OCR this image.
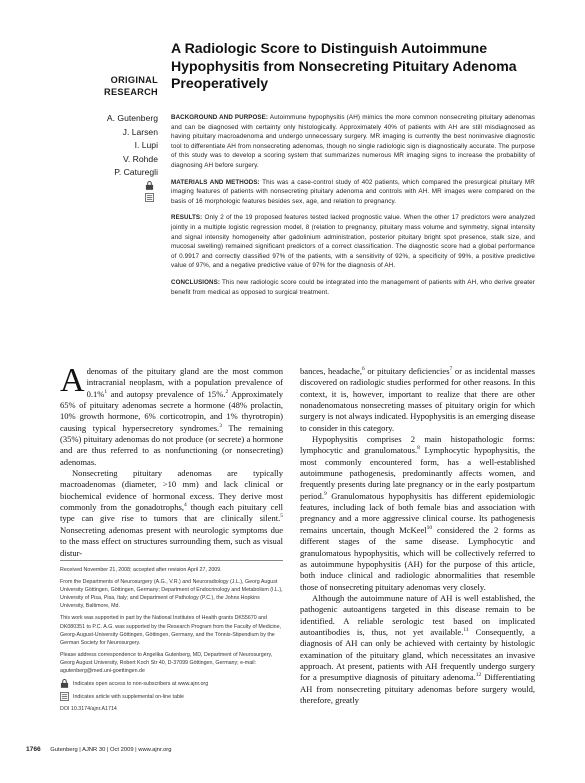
ORIGINAL
RESEARCH
A. Gutenberg
J. Larsen
I. Lupi
V. Rohde
P. Caturegli
A Radiologic Score to Distinguish Autoimmune Hypophysitis from Nonsecreting Pituitary Adenoma Preoperatively

BACKGROUND AND PURPOSE: Autoimmune hypophysitis (AH) mimics the more common nonsecreting pituitary adenomas and can be diagnosed with certainty only histologically. Approximately 40% of patients with AH are still misdiagnosed as having pituitary macroadenoma and undergo unnecessary surgery. MR imaging is currently the best noninvasive diagnostic tool to differentiate AH from nonsecreting adenomas, though no single radiologic sign is diagnostically accurate. The purpose of this study was to develop a scoring system that summarizes numerous MR imaging signs to increase the probability of diagnosing AH before surgery.

MATERIALS AND METHODS: This was a case-control study of 402 patients, which compared the presurgical pituitary MR imaging features of patients with nonsecreting pituitary adenoma and controls with AH. MR images were compared on the basis of 16 morphologic features besides sex, age, and relation to pregnancy.

RESULTS: Only 2 of the 19 proposed features tested lacked prognostic value. When the other 17 predictors were analyzed jointly in a multiple logistic regression model, 8 (relation to pregnancy, pituitary mass volume and symmetry, signal intensity and signal intensity homogeneity after gadolinium administration, posterior pituitary bright spot presence, stalk size, and mucosal swelling) remained significant predictors of a correct classification. The diagnostic score had a global performance of 0.9917 and correctly classified 97% of the patients, with a sensitivity of 92%, a specificity of 99%, a positive predictive value of 97%, and a negative predictive value of 97% for the diagnosis of AH.

CONCLUSIONS: This new radiologic score could be integrated into the management of patients with AH, who derive greater benefit from medical as opposed to surgical treatment.

Adenomas of the pituitary gland are the most common intracranial neoplasm, with a population prevalence of 0.1%$^1$ and autopsy prevalence of 15%.$^2$ Approximately 65% of pituitary adenomas secrete a hormone (48% prolactin, 10% growth hormone, 6% corticotropin, and 1% thyrotropin) causing typical hypersecretory syndromes.$^3$ The remaining (35%) pituitary adenomas do not produce (or secrete) a hormone and are thus referred to as nonfunctioning (or nonsecreting) adenomas.

Nonsecreting pituitary adenomas are typically macroadenomas (diameter, >10 mm) and lack clinical or biochemical evidence of hormonal excess. They derive most commonly from the gonadotrophs,$^4$ though each pituitary cell type can give rise to tumors that are clinically silent.$^5$ Nonsecreting adenomas present with neurologic symptoms due to the mass effect on structures surrounding them, such as visual distur-

Received November 21, 2008; accepted after revision April 27, 2009.

From the Departments of Neurosurgery (A.G., V.R.) and Neuroradiology (J.L.), Georg August University Göttingen, Göttingen, Germany; Department of Endocrinology and Metabolism (I.L.), University of Pisa, Pisa, Italy; and Department of Pathology (P.C.), the Johns Hopkins University, Baltimore, Md.

This work was supported in part by the National Institutes of Health grants DK55670 and DK080351 to P.C. A.G. was supported by the Research Program from the Faculty of Medicine, Georg-August-University Göttingen, Göttingen, Germany, and the Tönnis-Stipendium by the German Society for Neurosurgery.

Please address correspondence to Angelika Gutenberg, MD, Department of Neurosurgery, Georg August University, Robert Koch Str 40, D-37099 Göttingen, Germany; e-mail: agutenberg@med.uni-goettingen.de

Indicates open access to non-subscribers at www.ajnr.org
Indicates article with supplemental on-line table

DOI 10.3174/ajnr.A1714

bances, headache,$^6$ or pituitary deficiencies$^7$ or as incidental masses discovered on radiologic studies performed for other reasons. In this context, it is, however, important to realize that there are other nonadenomatous nonsecreting masses of pituitary origin for which surgery is not always indicated. Hypophysitis is an emerging disease to consider in this category.

Hypophysitis comprises 2 main histopathologic forms: lymphocytic and granulomatous.$^8$ Lymphocytic hypophysitis, the most commonly encountered form, has a well-established autoimmune pathogenesis, predominantly affects women, and frequently presents during late pregnancy or in the early postpartum period.$^9$ Granulomatous hypophysitis has different epidemiologic features, including lack of both female bias and association with pregnancy and a more aggressive clinical course. Its pathogenesis remains uncertain, though McKeel$^{10}$ considered the 2 forms as different stages of the same disease. Lymphocytic and granulomatous hypophysitis, which will be collectively referred to as autoimmune hypophysitis (AH) for the purpose of this article, both induce clinical and radiologic abnormalities that resemble those of nonsecreting pituitary adenomas very closely.

Although the autoimmune nature of AH is well established, the pathogenic autoantigens targeted in this disease remain to be identified. A reliable serologic test based on implicated autoantibodies is, thus, not yet available.$^{11}$ Consequently, a diagnosis of AH can only be achieved with certainty by histologic examination of the pituitary gland, which necessitates an invasive approach. At present, patients with AH frequently undergo surgery for a presumptive diagnosis of pituitary adenoma.$^{12}$ Differentiating AH from nonsecreting pituitary adenomas before surgery would, therefore, greatly

1766 Gutenberg | AJNR 30 | Oct 2009 | www.ajnr.org
